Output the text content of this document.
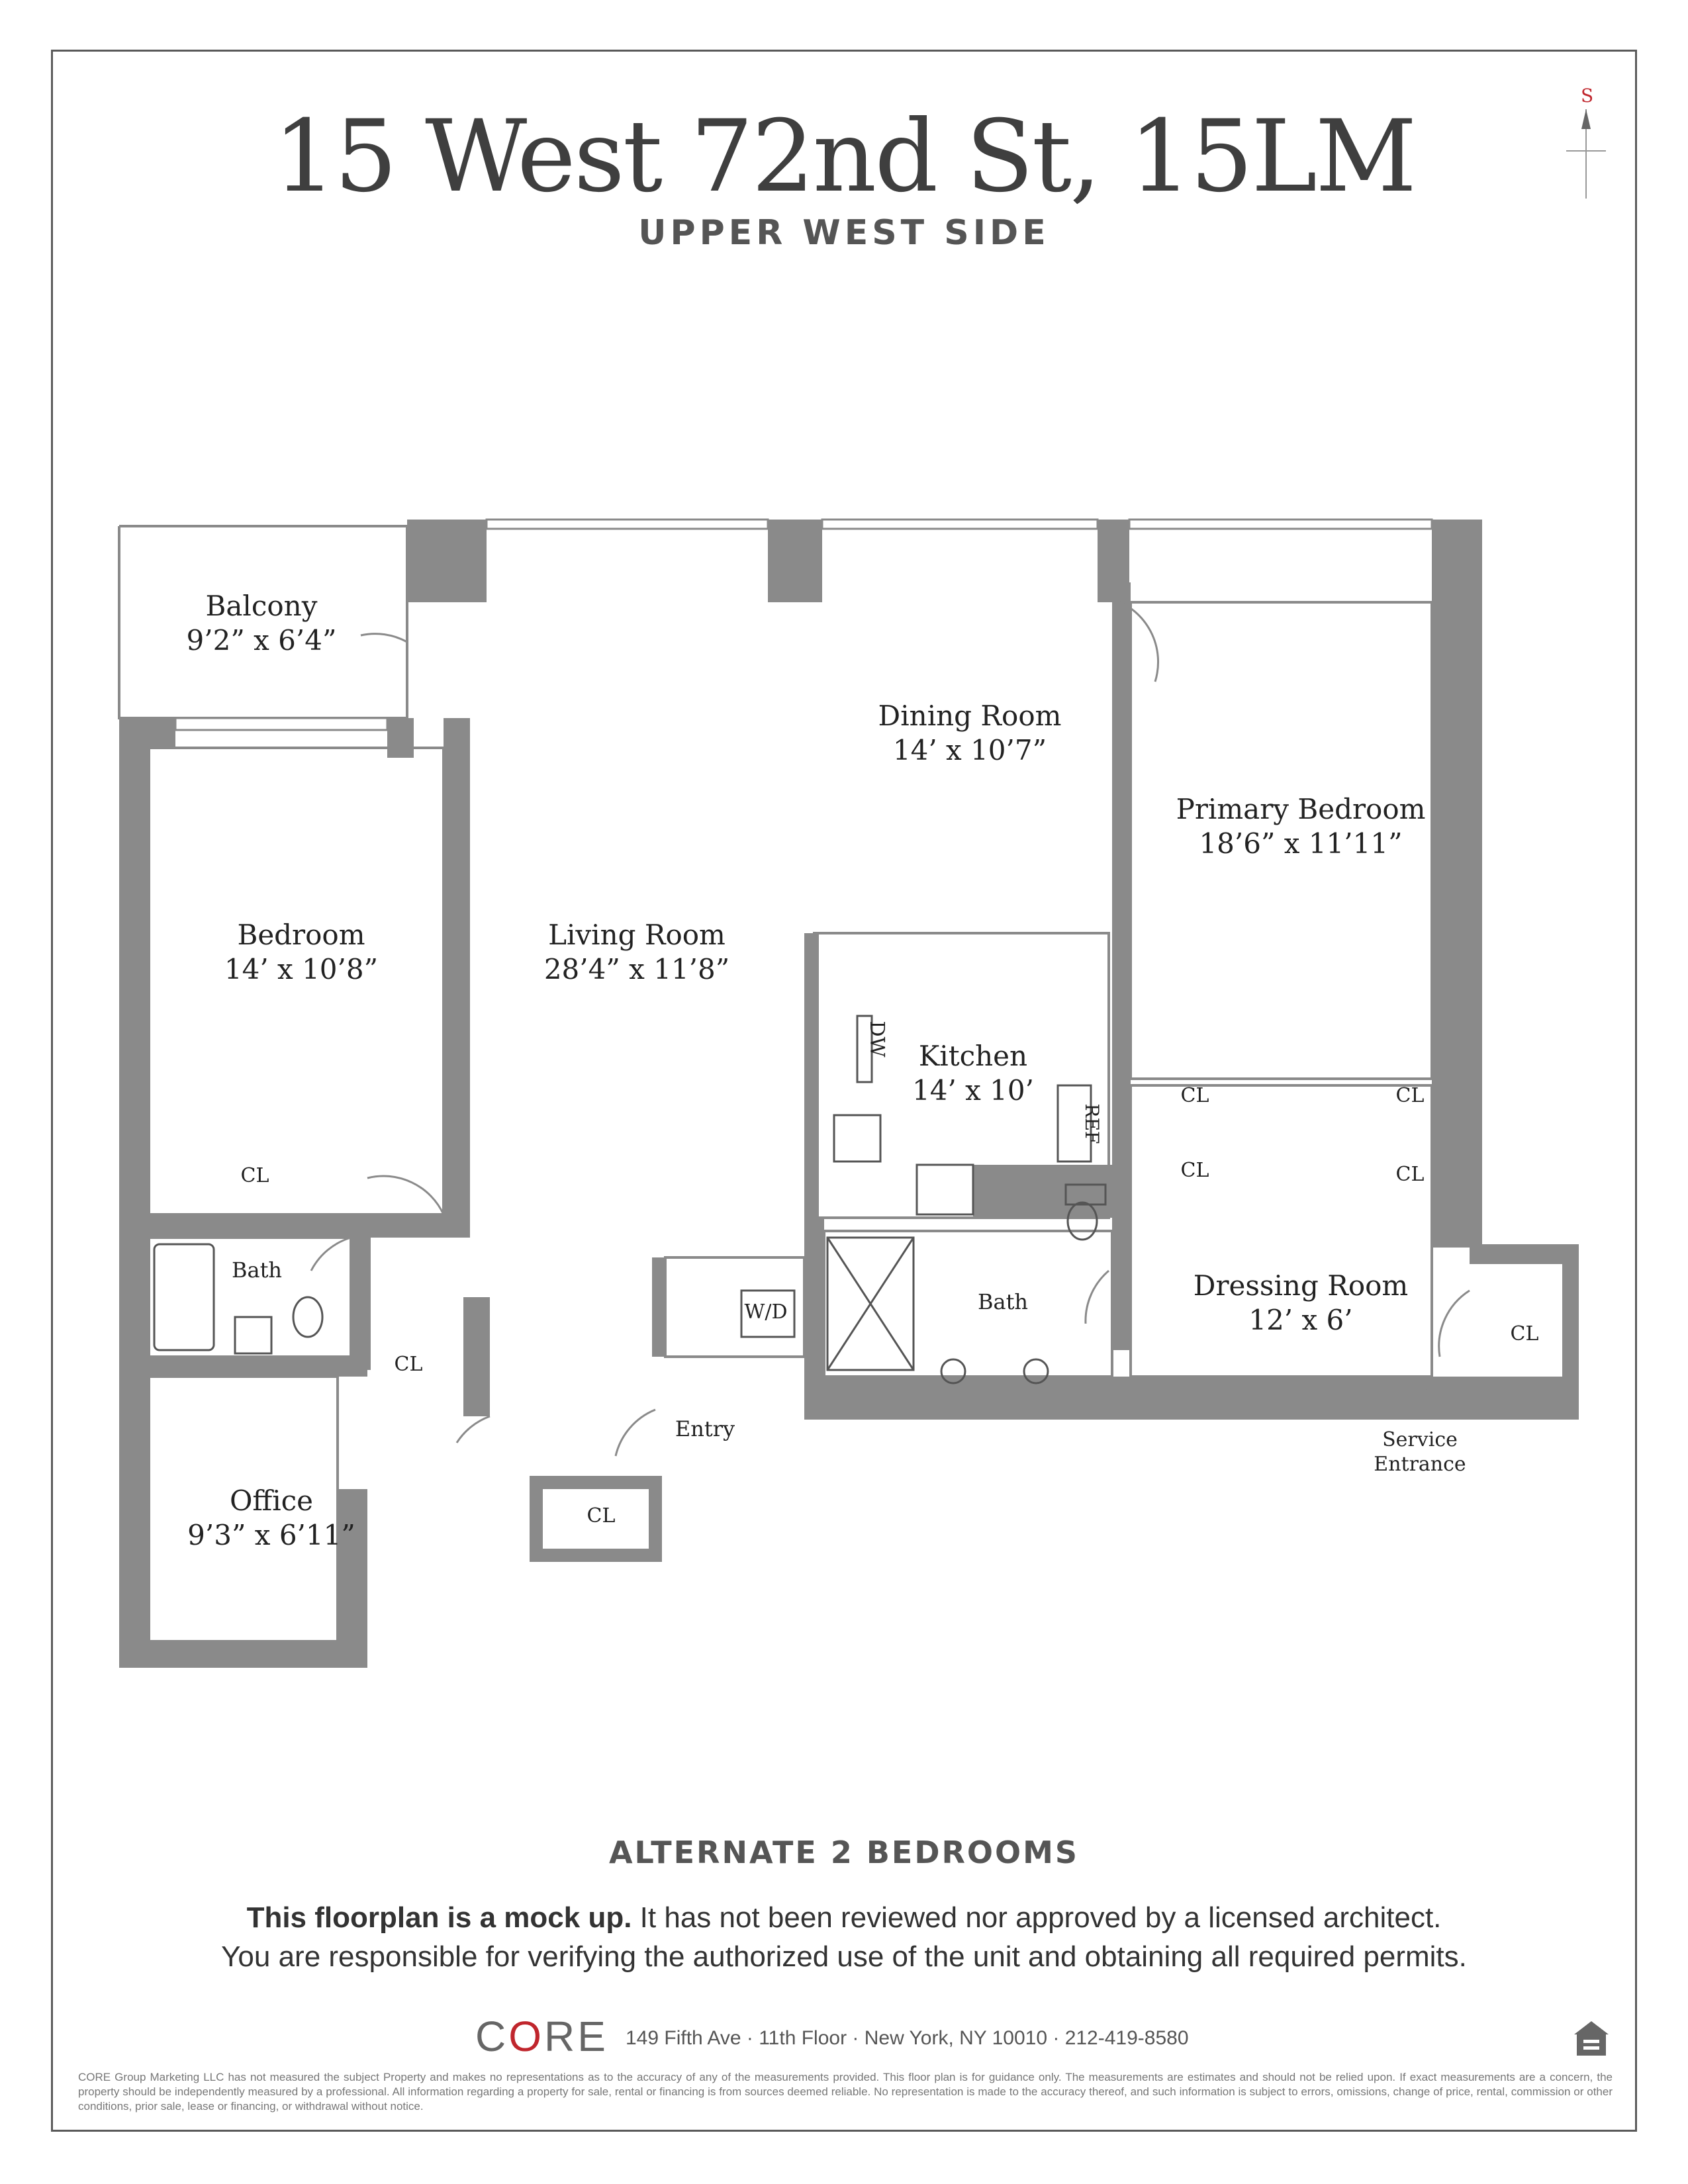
15 West 72nd St, 15LM
UPPER WEST SIDE
S
Balcony
9’2” x 6’4”
Dining Room
14’ x 10’7”
Primary Bedroom
18’6” x 11’11”
Bedroom
14’ x 10’8”
Living Room
28’4” x 11’8”
Kitchen
14’ x 10’
Dressing Room
12’ x 6’
Office
9’3” x 6’11”
Bath
Bath
Entry	Service
Entrance
W/D
DW
REF
CL
CL
CL
CL	CL
CL	CL
CL
ALTERNATE 2 BEDROOMS
This floorplan is a mock up. It has not been reviewed nor approved by a licensed architect.
You are responsible for verifying the authorized use of the unit and obtaining all required permits.
CORE 149 Fifth Ave · 11th Floor · New York, NY 10010 · 212-419-8580
CORE Group Marketing LLC has not measured the subject Property and makes no representations as to the accuracy of any of the measurements provided. This floor plan is for guidance only. The measurements are estimates and should not be relied upon. If exact measurements are a concern, the property should be independently measured by a professional. All information regarding a property for sale, rental or financing is from sources deemed reliable. No representation is made to the accuracy thereof, and such information is subject to errors, omissions, change of price, rental, commission or other conditions, prior sale, lease or financing, or withdrawal without notice.
